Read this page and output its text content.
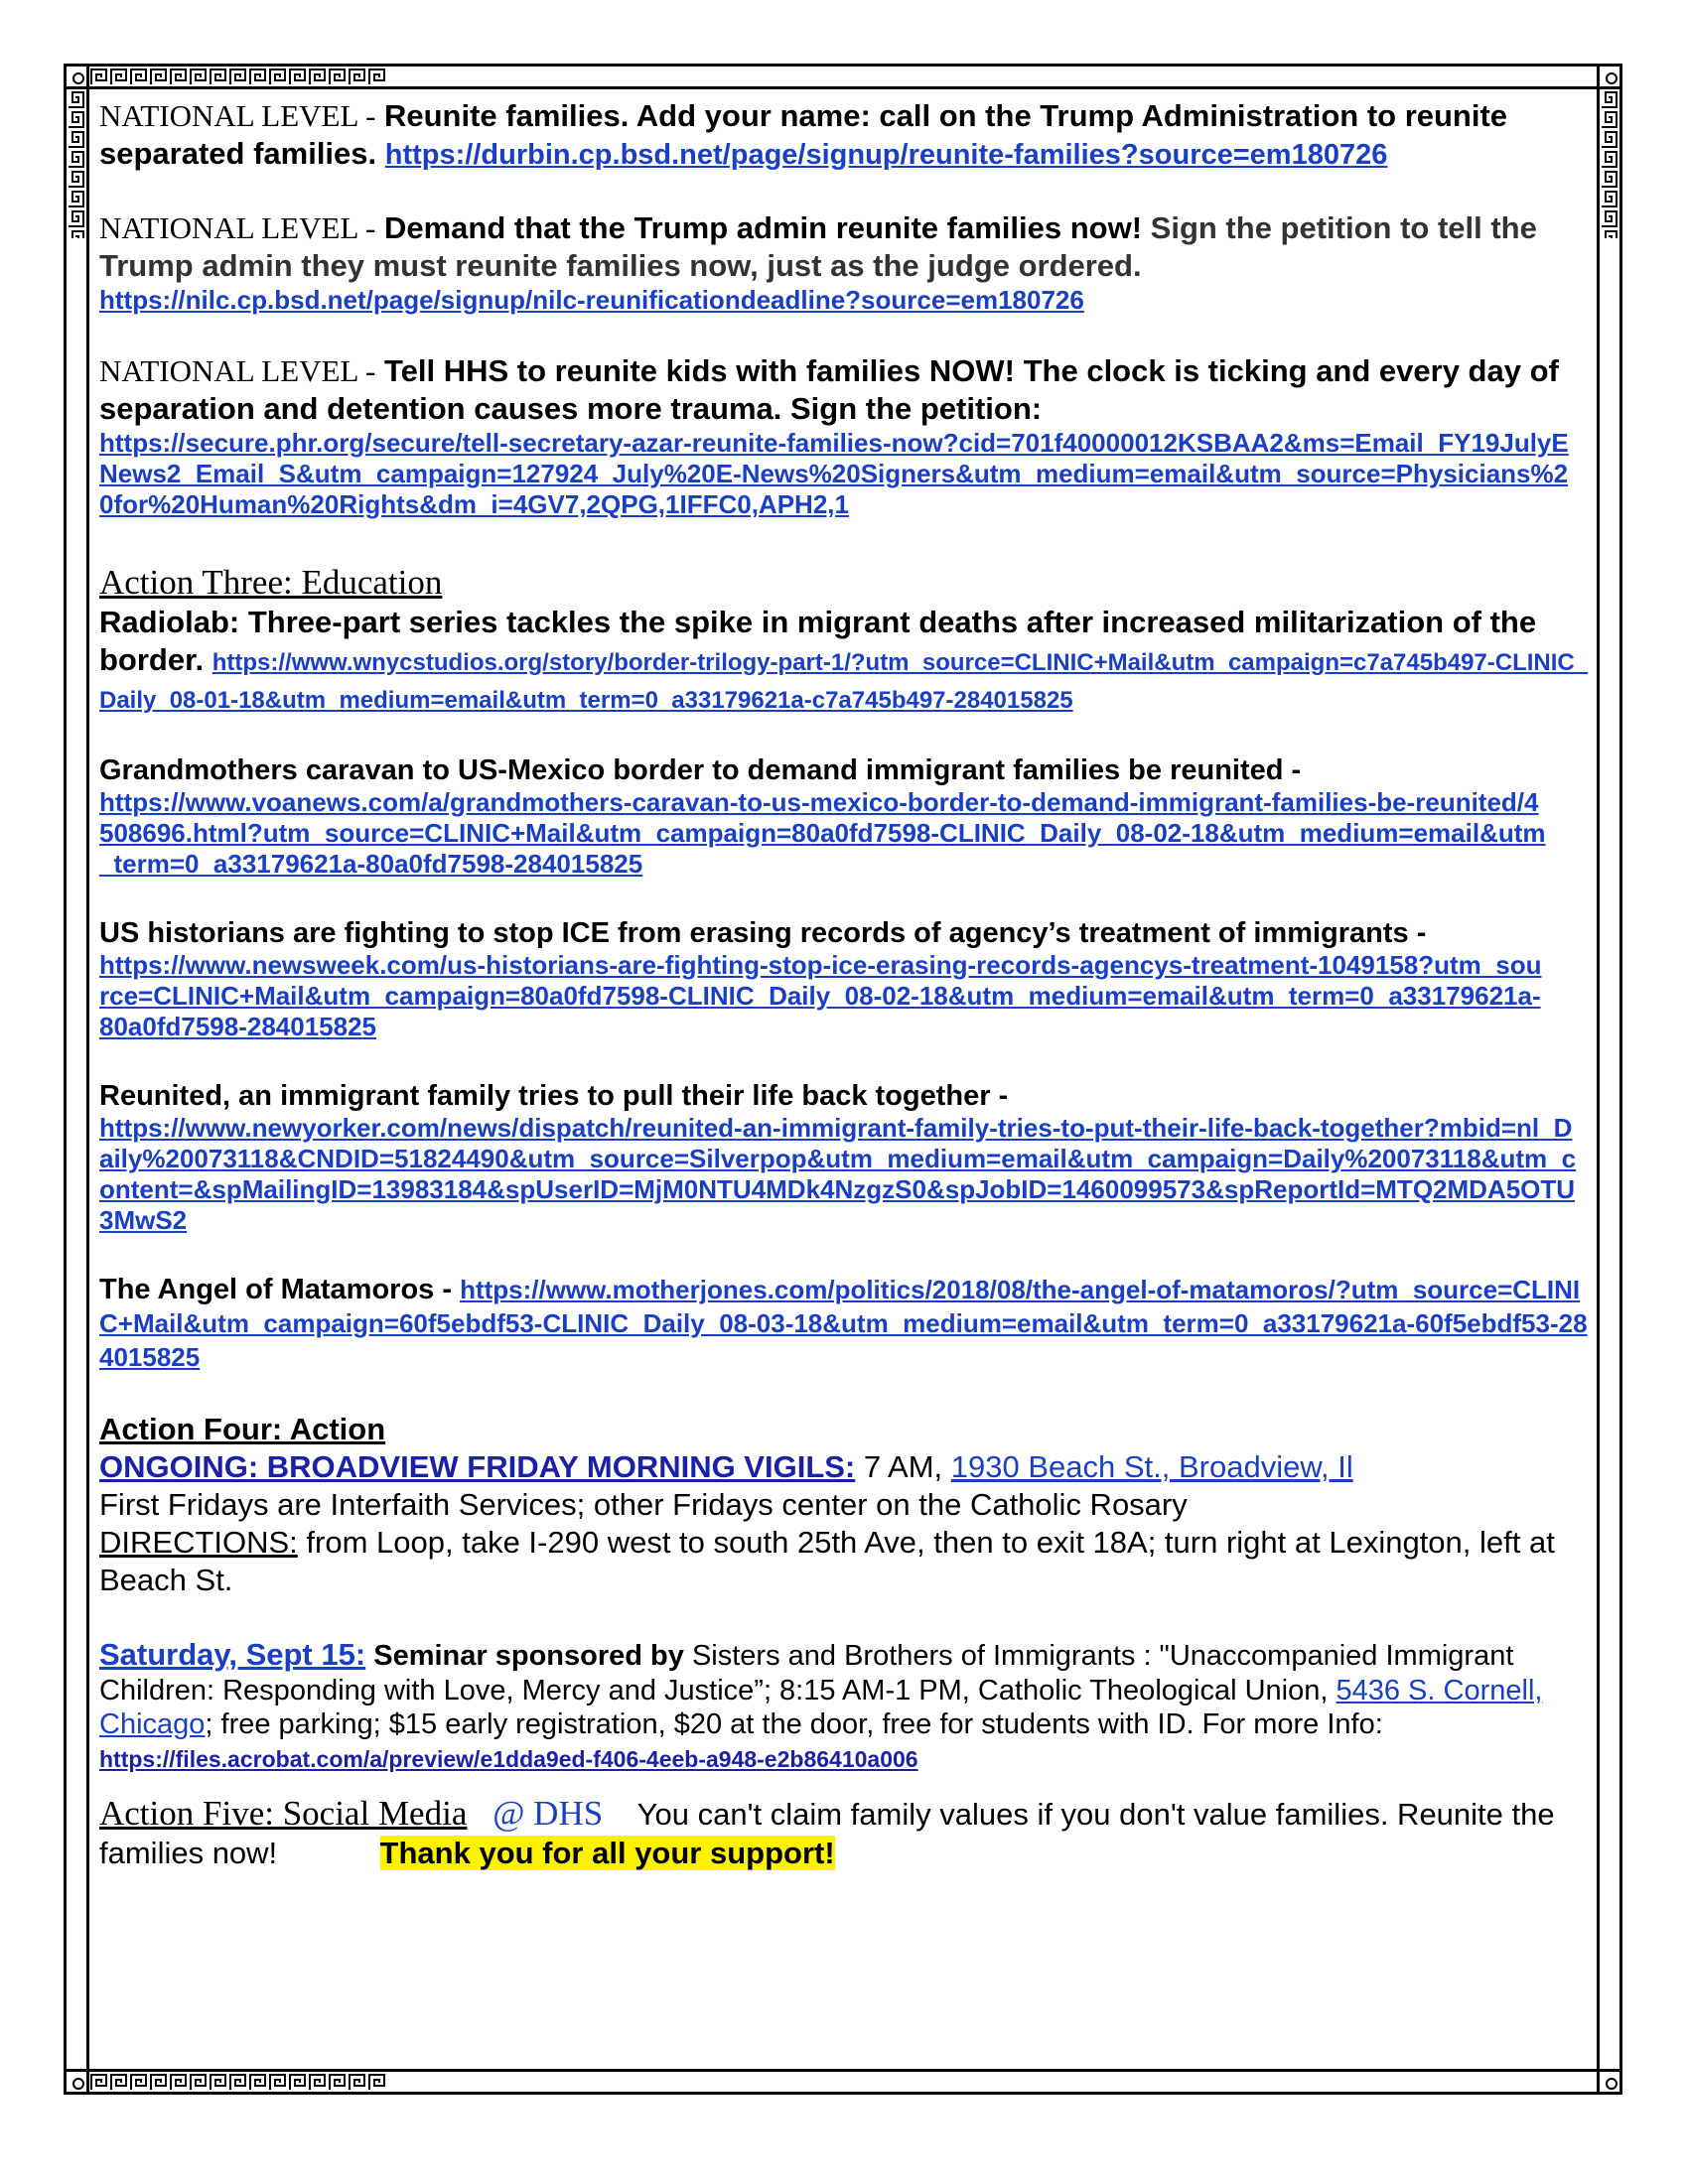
NATIONAL LEVEL - Reunite families. Add your name: call on the Trump Administration to reunite separated families. https://durbin.cp.bsd.net/page/signup/reunite-families?source=em180726

NATIONAL LEVEL - Demand that the Trump admin reunite families now! Sign the petition to tell the Trump admin they must reunite families now, just as the judge ordered.

https://nilc.cp.bsd.net/page/signup/nilc-reunificationdeadline?source=em180726

NATIONAL LEVEL - Tell HHS to reunite kids with families NOW! The clock is ticking and every day of separation and detention causes more trauma. Sign the petition:

https://secure.phr.org/secure/tell-secretary-azar-reunite-families-now?cid=701f40000012KSBAA2&ms=Email_FY19JulyENews2_Email_S&utm_campaign=127924_July%20E-News%20Signers&utm_medium=email&utm_source=Physicians%20for%20Human%20Rights&dm_i=4GV7,2QPG,1IFFC0,APH2,1

Action Three: Education

Radiolab: Three-part series tackles the spike in migrant deaths after increased militarization of the border. https://www.wnycstudios.org/story/border-trilogy-part-1/?utm_source=CLINIC+Mail&utm_campaign=c7a745b497-CLINIC_Daily_08-01-18&utm_medium=email&utm_term=0_a33179621a-c7a745b497-284015825

Grandmothers caravan to US-Mexico border to demand immigrant families be reunited -

https://www.voanews.com/a/grandmothers-caravan-to-us-mexico-border-to-demand-immigrant-families-be-reunited/4508696.html?utm_source=CLINIC+Mail&utm_campaign=80a0fd7598-CLINIC_Daily_08-02-18&utm_medium=email&utm_term=0_a33179621a-80a0fd7598-284015825

US historians are fighting to stop ICE from erasing records of agency’s treatment of immigrants -

https://www.newsweek.com/us-historians-are-fighting-stop-ice-erasing-records-agencys-treatment-1049158?utm_source=CLINIC+Mail&utm_campaign=80a0fd7598-CLINIC_Daily_08-02-18&utm_medium=email&utm_term=0_a33179621a-80a0fd7598-284015825

Reunited, an immigrant family tries to pull their life back together -

https://www.newyorker.com/news/dispatch/reunited-an-immigrant-family-tries-to-put-their-life-back-together?mbid=nl_Daily%20073118&CNDID=51824490&utm_source=Silverpop&utm_medium=email&utm_campaign=Daily%20073118&utm_content=&spMailingID=13983184&spUserID=MjM0NTU4MDk4NzgzS0&spJobID=1460099573&spReportId=MTQ2MDA5OTU3MwS2

The Angel of Matamoros - https://www.motherjones.com/politics/2018/08/the-angel-of-matamoros/?utm_source=CLINIC+Mail&utm_campaign=60f5ebdf53-CLINIC_Daily_08-03-18&utm_medium=email&utm_term=0_a33179621a-60f5ebdf53-284015825

Action Four: Action

ONGOING: BROADVIEW FRIDAY MORNING VIGILS: 7 AM, 1930 Beach St., Broadview, Il

First Fridays are Interfaith Services; other Fridays center on the Catholic Rosary

DIRECTIONS: from Loop, take I-290 west to south 25th Ave, then to exit 18A; turn right at Lexington, left at Beach St.

Saturday, Sept 15: Seminar sponsored by Sisters and Brothers of Immigrants : "Unaccompanied Immigrant Children: Responding with Love, Mercy and Justice”; 8:15 AM-1 PM, Catholic Theological Union, 5436 S. Cornell, Chicago; free parking; $15 early registration, $20 at the door, free for students with ID. For more Info: https://files.acrobat.com/a/preview/e1dda9ed-f406-4eeb-a948-e2b86410a006

Action Five: Social Media @ DHS You can't claim family values if you don't value families. Reunite the families now!	Thank you for all your support!
